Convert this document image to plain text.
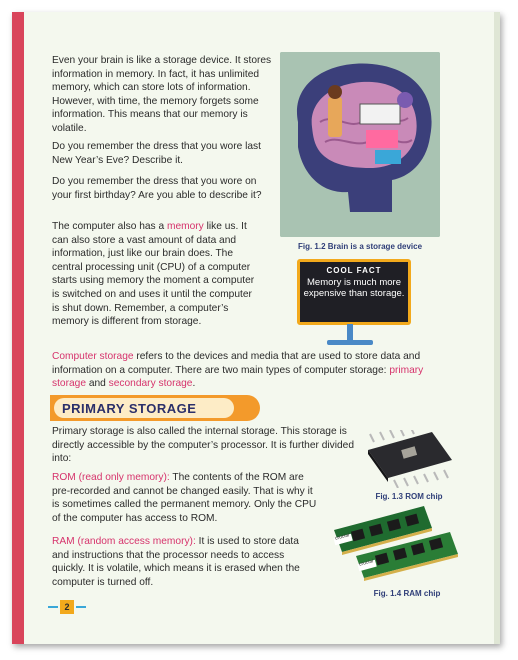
Even your brain is like a storage device. It stores information in memory. In fact, it has unlimited memory, which can store lots of information. However, with time, the memory forgets some information. This means that our memory is volatile.

Do you remember the dress that you wore last New Year’s Eve? Describe it.

Do you remember the dress that you wore on your first birthday? Are you able to describe it?

The computer also has a memory like us. It can also store a vast amount of data and information, just like our brain does. The central processing unit (CPU) of a computer starts using memory the moment a computer is switched on and uses it until the computer is shut down. Remember, a computer’s memory is different from storage.

Fig. 1.2 Brain is a storage device
COOL FACT
Memory is much more expensive than storage.

Computer storage refers to the devices and media that are used to store data and information on a computer. There are two main types of computer storage: primary storage and secondary storage.

PRIMARY STORAGE

Primary storage is also called the internal storage. This storage is directly accessible by the computer’s processor. It is further divided into:

ROM (read only memory): The contents of the ROM are pre-recorded and cannot be changed easily. That is why it is sometimes called the permanent memory. Only the CPU of the computer has access to ROM.

RAM (random access memory): It is used to store data and instructions that the processor needs to access quickly. It is volatile, which means it is erased when the computer is turned off.

Fig. 1.3 ROM chip
crucial
crucial
Fig. 1.4 RAM chip
2
